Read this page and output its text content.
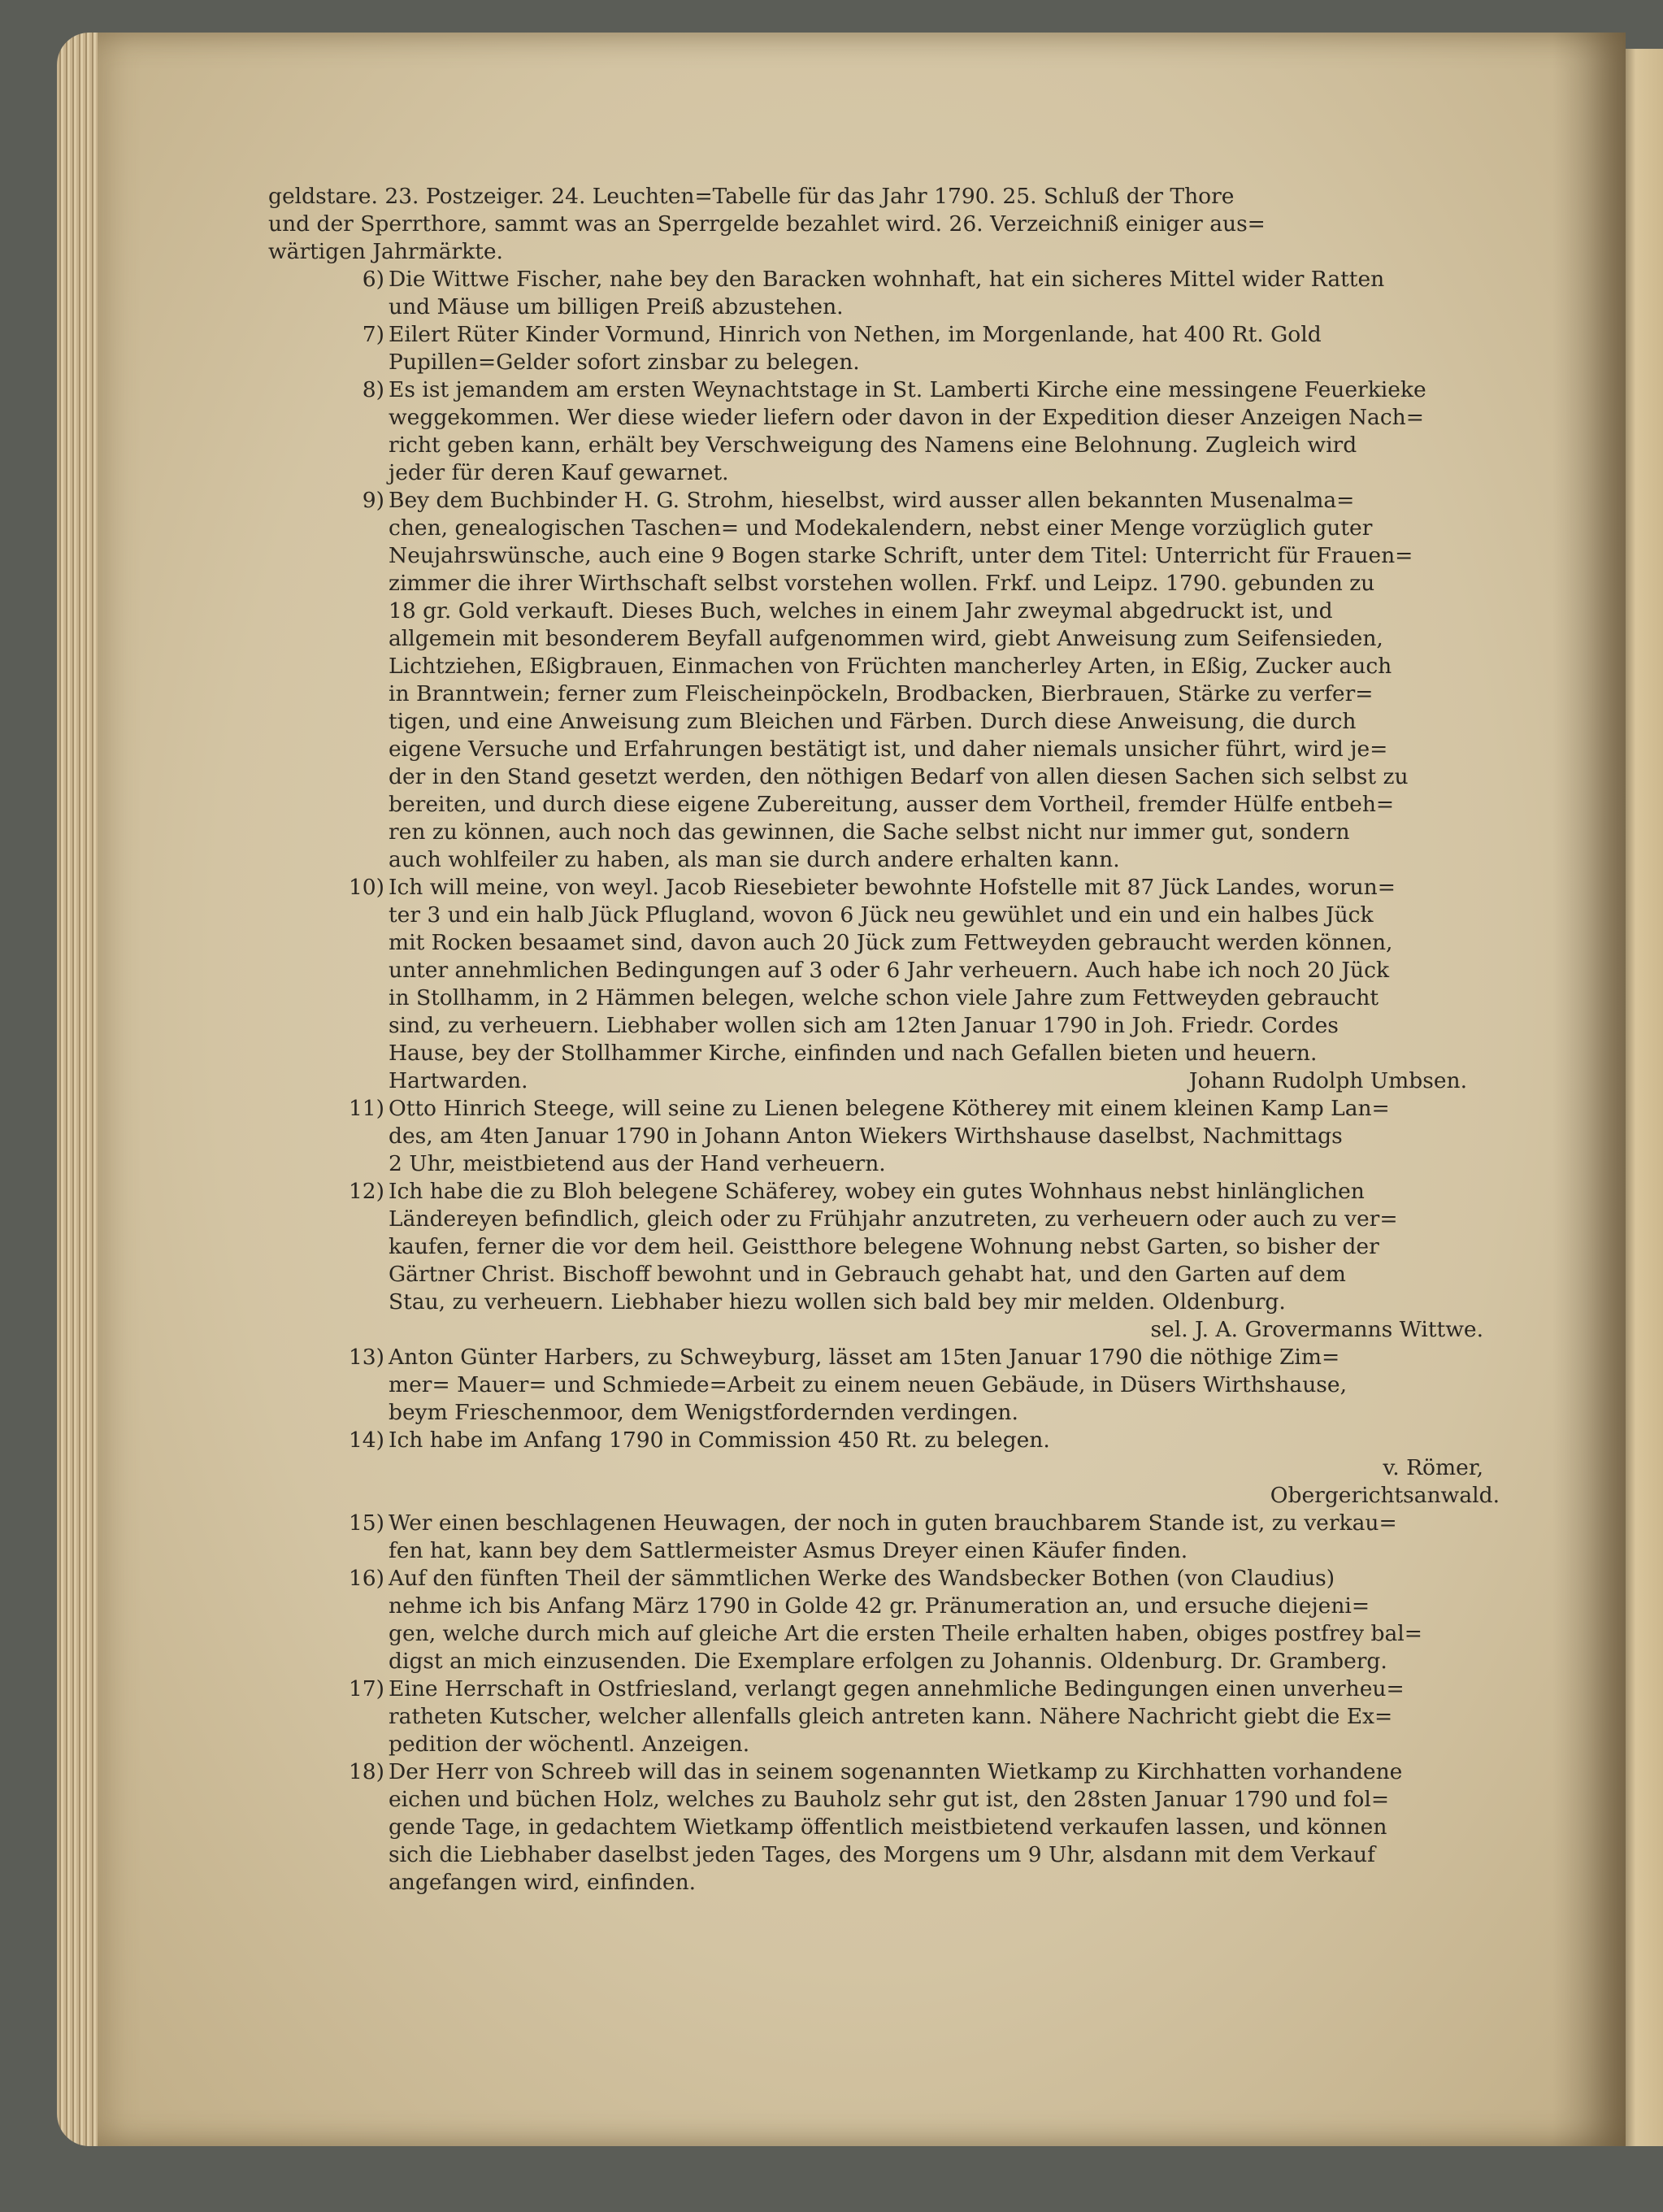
geldstare. 23. Postzeiger. 24. Leuchten=Tabelle für das Jahr 1790. 25. Schluß der Thore

und der Sperrthore, sammt was an Sperrgelde bezahlet wird. 26. Verzeichniß einiger aus=

wärtigen Jahrmärkte.

6) Die Wittwe Fischer, nahe bey den Baracken wohnhaft, hat ein sicheres Mittel wider Ratten

und Mäuse um billigen Preiß abzustehen.

7) Eilert Rüter Kinder Vormund, Hinrich von Nethen, im Morgenlande, hat 400 Rt. Gold

Pupillen=Gelder sofort zinsbar zu belegen.

8) Es ist jemandem am ersten Weynachtstage in St. Lamberti Kirche eine messingene Feuerkieke

weggekommen. Wer diese wieder liefern oder davon in der Expedition dieser Anzeigen Nach=

richt geben kann, erhält bey Verschweigung des Namens eine Belohnung. Zugleich wird

jeder für deren Kauf gewarnet.

9) Bey dem Buchbinder H. G. Strohm, hieselbst, wird ausser allen bekannten Musenalma=

chen, genealogischen Taschen= und Modekalendern, nebst einer Menge vorzüglich guter

Neujahrswünsche, auch eine 9 Bogen starke Schrift, unter dem Titel: Unterricht für Frauen=

zimmer die ihrer Wirthschaft selbst vorstehen wollen. Frkf. und Leipz. 1790. gebunden zu

18 gr. Gold verkauft. Dieses Buch, welches in einem Jahr zweymal abgedruckt ist, und

allgemein mit besonderem Beyfall aufgenommen wird, giebt Anweisung zum Seifensieden,

Lichtziehen, Eßigbrauen, Einmachen von Früchten mancherley Arten, in Eßig, Zucker auch

in Branntwein; ferner zum Fleischeinpöckeln, Brodbacken, Bierbrauen, Stärke zu verfer=

tigen, und eine Anweisung zum Bleichen und Färben. Durch diese Anweisung, die durch

eigene Versuche und Erfahrungen bestätigt ist, und daher niemals unsicher führt, wird je=

der in den Stand gesetzt werden, den nöthigen Bedarf von allen diesen Sachen sich selbst zu

bereiten, und durch diese eigene Zubereitung, ausser dem Vortheil, fremder Hülfe entbeh=

ren zu können, auch noch das gewinnen, die Sache selbst nicht nur immer gut, sondern

auch wohlfeiler zu haben, als man sie durch andere erhalten kann.

10) Ich will meine, von weyl. Jacob Riesebieter bewohnte Hofstelle mit 87 Jück Landes, worun=

ter 3 und ein halb Jück Pflugland, wovon 6 Jück neu gewühlet und ein und ein halbes Jück

mit Rocken besaamet sind, davon auch 20 Jück zum Fettweyden gebraucht werden können,

unter annehmlichen Bedingungen auf 3 oder 6 Jahr verheuern. Auch habe ich noch 20 Jück

in Stollhamm, in 2 Hämmen belegen, welche schon viele Jahre zum Fettweyden gebraucht

sind, zu verheuern. Liebhaber wollen sich am 12ten Januar 1790 in Joh. Friedr. Cordes

Hause, bey der Stollhammer Kirche, einfinden und nach Gefallen bieten und heuern.

Hartwarden.	Johann Rudolph Umbsen.

11) Otto Hinrich Steege, will seine zu Lienen belegene Kötherey mit einem kleinen Kamp Lan=

des, am 4ten Januar 1790 in Johann Anton Wiekers Wirthshause daselbst, Nachmittags

2 Uhr, meistbietend aus der Hand verheuern.

12) Ich habe die zu Bloh belegene Schäferey, wobey ein gutes Wohnhaus nebst hinlänglichen

Ländereyen befindlich, gleich oder zu Frühjahr anzutreten, zu verheuern oder auch zu ver=

kaufen, ferner die vor dem heil. Geistthore belegene Wohnung nebst Garten, so bisher der

Gärtner Christ. Bischoff bewohnt und in Gebrauch gehabt hat, und den Garten auf dem

Stau, zu verheuern. Liebhaber hiezu wollen sich bald bey mir melden. Oldenburg.

sel. J. A. Grovermanns Wittwe.

13) Anton Günter Harbers, zu Schweyburg, lässet am 15ten Januar 1790 die nöthige Zim=

mer= Mauer= und Schmiede=Arbeit zu einem neuen Gebäude, in Düsers Wirthshause,

beym Frieschenmoor, dem Wenigstfordernden verdingen.

14) Ich habe im Anfang 1790 in Commission 450 Rt. zu belegen.

v. Römer,

Obergerichtsanwald.

15) Wer einen beschlagenen Heuwagen, der noch in guten brauchbarem Stande ist, zu verkau=

fen hat, kann bey dem Sattlermeister Asmus Dreyer einen Käufer finden.

16) Auf den fünften Theil der sämmtlichen Werke des Wandsbecker Bothen (von Claudius)

nehme ich bis Anfang März 1790 in Golde 42 gr. Pränumeration an, und ersuche diejeni=

gen, welche durch mich auf gleiche Art die ersten Theile erhalten haben, obiges postfrey bal=

digst an mich einzusenden. Die Exemplare erfolgen zu Johannis. Oldenburg. Dr. Gramberg.

17) Eine Herrschaft in Ostfriesland, verlangt gegen annehmliche Bedingungen einen unverheu=

ratheten Kutscher, welcher allenfalls gleich antreten kann. Nähere Nachricht giebt die Ex=

pedition der wöchentl. Anzeigen.

18) Der Herr von Schreeb will das in seinem sogenannten Wietkamp zu Kirchhatten vorhandene

eichen und büchen Holz, welches zu Bauholz sehr gut ist, den 28sten Januar 1790 und fol=

gende Tage, in gedachtem Wietkamp öffentlich meistbietend verkaufen lassen, und können

sich die Liebhaber daselbst jeden Tages, des Morgens um 9 Uhr, alsdann mit dem Verkauf

angefangen wird, einfinden.
